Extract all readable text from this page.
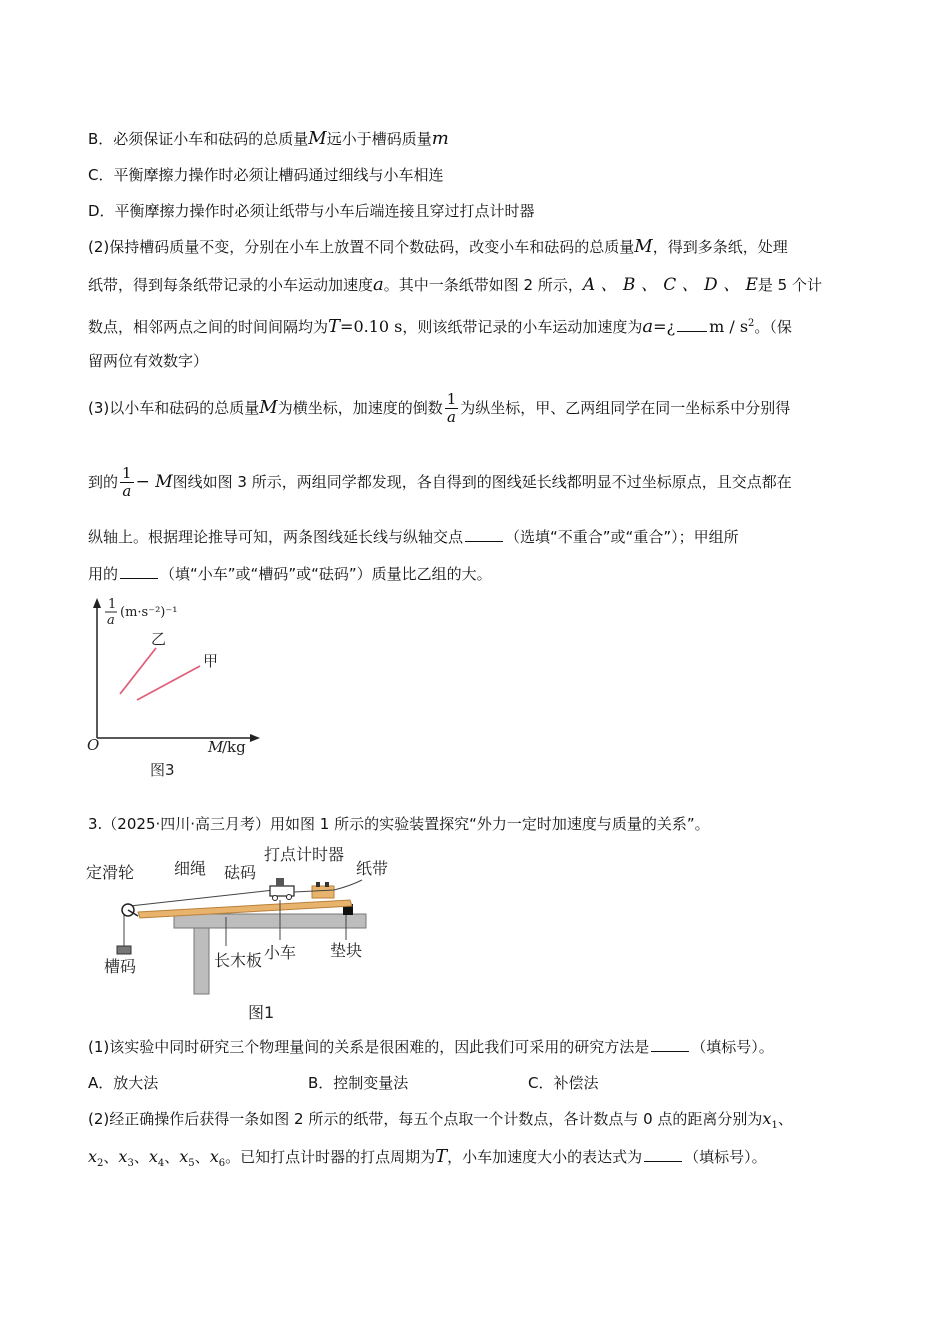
B．必须保证小车和砝码的总质量M远小于槽码质量m
C．平衡摩擦力操作时必须让槽码通过细线与小车相连
D．平衡摩擦力操作时必须让纸带与小车后端连接且穿过打点计时器
(2)保持槽码质量不变，分别在小车上放置不同个数砝码，改变小车和砝码的总质量M，得到多条纸，处理
纸带，得到每条纸带记录的小车运动加速度a。其中一条纸带如图 2 所示，A 、 B 、 C 、 D 、 E是 5 个计
数点，相邻两点之间的时间间隔均为T=0.10 s，则该纸带记录的小车运动加速度为a=¿ m / $s^2$。（保
留两位有效数字）
(3)以小车和砝码的总质量M为横坐标，加速度的倒数 $\frac{1}{a}$ 为纵坐标，甲、乙两组同学在同一坐标系中分别得
到的 $\frac{1}{a} - M$图线如图 3 所示，两组同学都发现，各自得到的图线延长线都明显不过坐标原点，且交点都在
纵轴上。根据理论推导可知，两条图线延长线与纵轴交点	（选填“不重合”或“重合”）；甲组所
用的	（填“小车”或“槽码”或“砝码”）质量比乙组的大。
1
a
(m·s⁻²)⁻¹
乙
甲
O	M
/kg
图3
3.（2025·四川·高三月考）用如图 1 所示的实验装置探究“外力一定时加速度与质量的关系”。
定滑轮 细绳 砝码
打点计时器
纸带
槽码
小车 垫块
长木板
图1
(1)该实验中同时研究三个物理量间的关系是很困难的，因此我们可采用的研究方法是	（填标号）。
A．放大法	B．控制变量法	C．补偿法
(2)经正确操作后获得一条如图 2 所示的纸带，每五个点取一个计数点，各计数点与 0 点的距离分别为$x_1$、
$x_2$、$x_3$、$x_4$、$x_5$、$x_6$。已知打点计时器的打点周期为T，小车加速度大小的表达式为	（填标号）。
